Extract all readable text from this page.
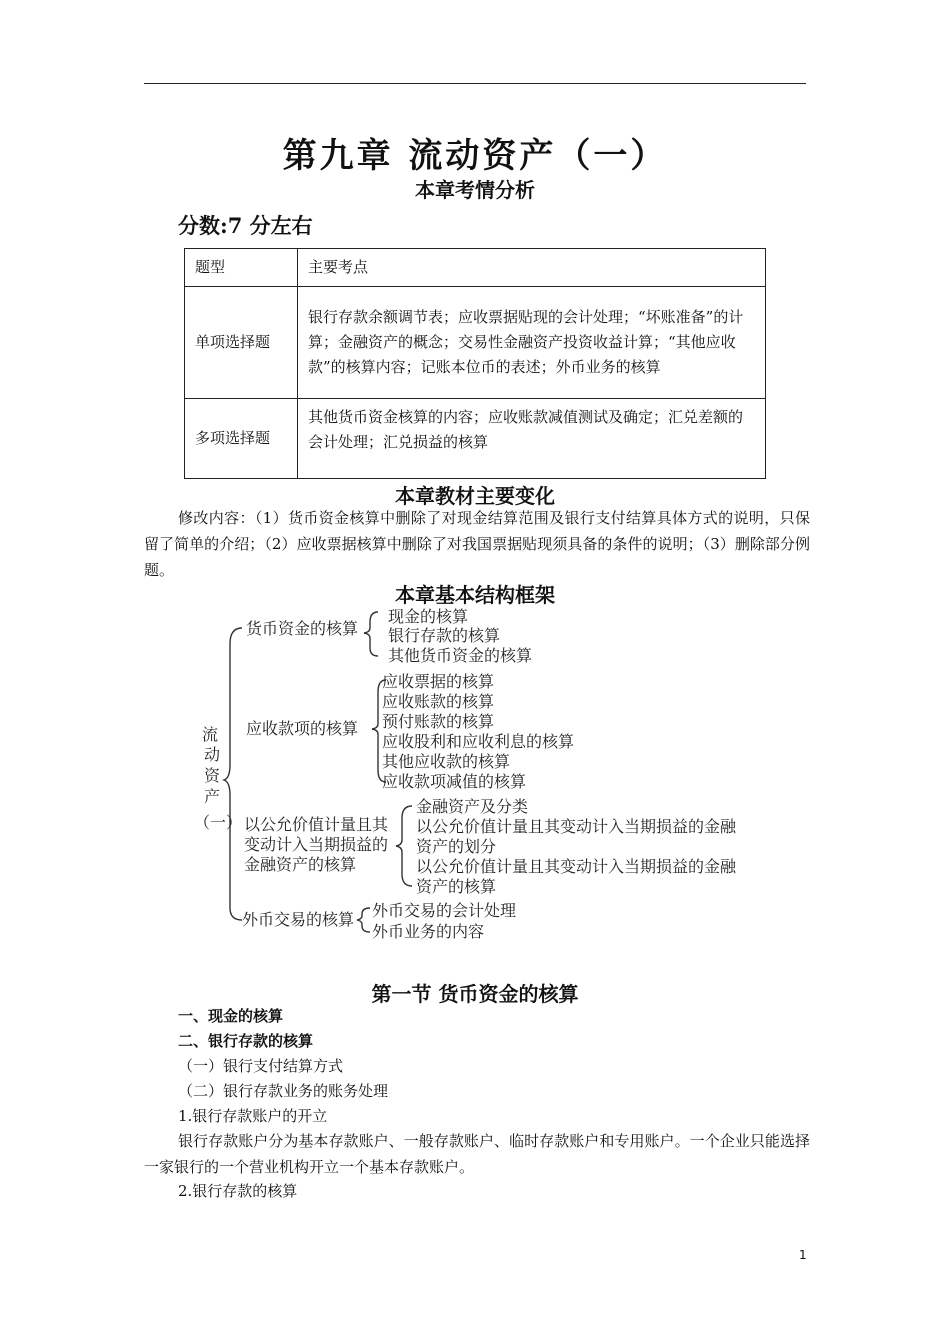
第九章 流动资产（一）
本章考情分析
分数:7 分左右
题型	主要考点
单项选择题	银行存款余额调节表；应收票据贴现的会计处理；“坏账准备”的计算；金融资产的概念；交易性金融资产投资收益计算；“其他应收款”的核算内容；记账本位币的表述；外币业务的核算
多项选择题	其他货币资金核算的内容；应收账款减值测试及确定；汇兑差额的会计处理；汇兑损益的核算
本章教材主要变化
修改内容：（1）货币资金核算中删除了对现金结算范围及银行支付结算具体方式的说明，只保留了简单的介绍；（2）应收票据核算中删除了对我国票据贴现须具备的条件的说明；（3）删除部分例题。
本章基本结构框架
流
动
资
产
（一）
货币资金的核算
现金的核算
银行存款的核算
其他货币资金的核算
应收款项的核算
应收票据的核算
应收账款的核算
预付账款的核算
应收股利和应收利息的核算
其他应收款的核算
应收款项减值的核算
以公允价值计量且其
变动计入当期损益的
金融资产的核算
金融资产及分类
以公允价值计量且其变动计入当期损益的金融
资产的划分
以公允价值计量且其变动计入当期损益的金融
资产的核算
外币交易的核算 外币交易的会计处理
外币业务的内容
第一节 货币资金的核算
一、现金的核算
二、银行存款的核算
（一）银行支付结算方式
（二）银行存款业务的账务处理
1.银行存款账户的开立
银行存款账户分为基本存款账户、一般存款账户、临时存款账户和专用账户。一个企业只能选择一家银行的一个营业机构开立一个基本存款账户。
2.银行存款的核算
1
